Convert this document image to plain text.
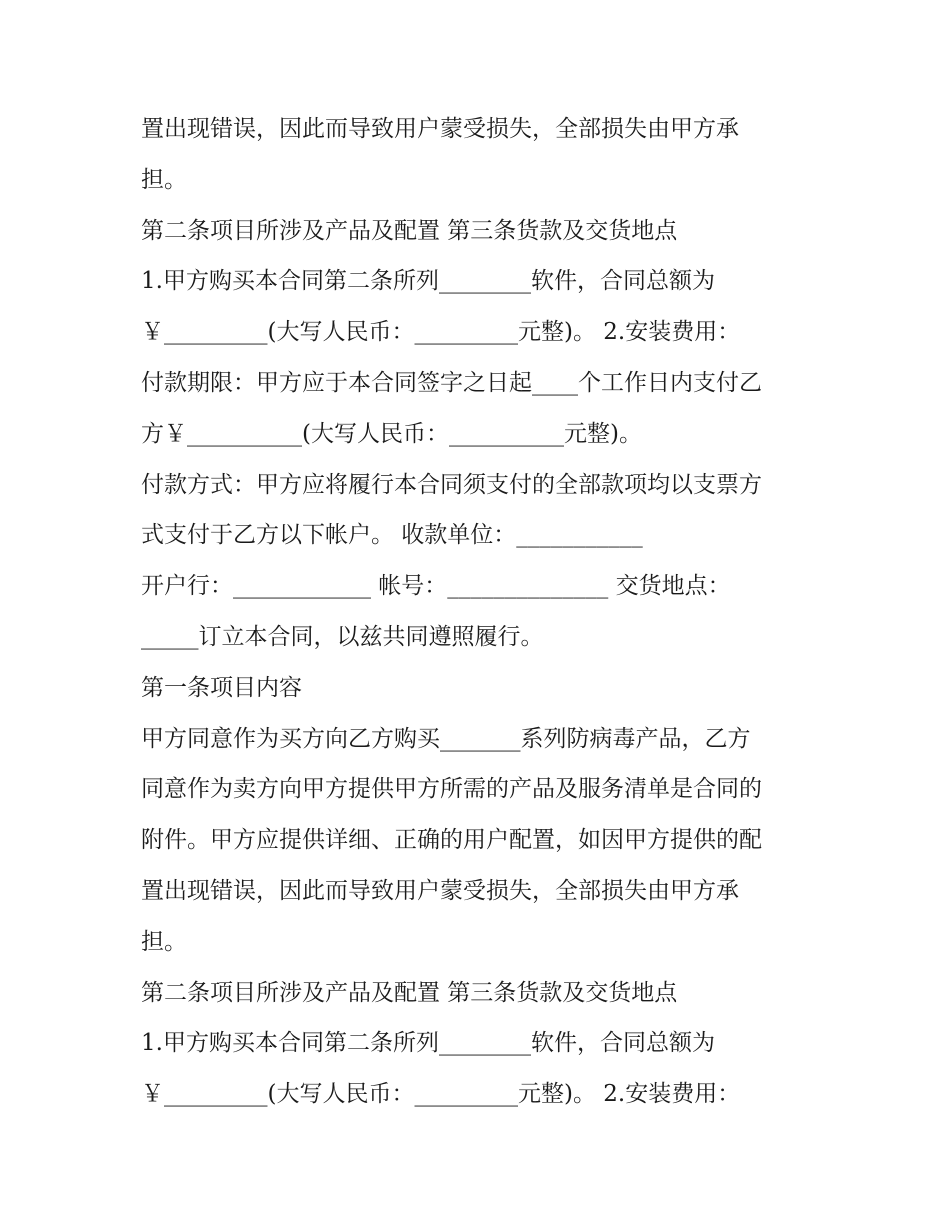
置出现错误，因此而导致用户蒙受损失，全部损失由甲方承
担。
第二条项目所涉及产品及配置 第三条货款及交货地点
1.甲方购买本合同第二条所列________软件，合同总额为
￥_________(大写人民币：_________元整)。 2.安装费用：
付款期限：甲方应于本合同签字之日起____个工作日内支付乙
方￥__________(大写人民币：__________元整)。
付款方式：甲方应将履行本合同须支付的全部款项均以支票方
式支付于乙方以下帐户。 收款单位：___________
开户行：____________ 帐号：______________ 交货地点：
_____订立本合同，以兹共同遵照履行。
第一条项目内容
甲方同意作为买方向乙方购买_______系列防病毒产品，乙方
同意作为卖方向甲方提供甲方所需的产品及服务清单是合同的
附件。甲方应提供详细、正确的用户配置，如因甲方提供的配
置出现错误，因此而导致用户蒙受损失，全部损失由甲方承
担。
第二条项目所涉及产品及配置 第三条货款及交货地点
1.甲方购买本合同第二条所列________软件，合同总额为
￥_________(大写人民币：_________元整)。 2.安装费用：
